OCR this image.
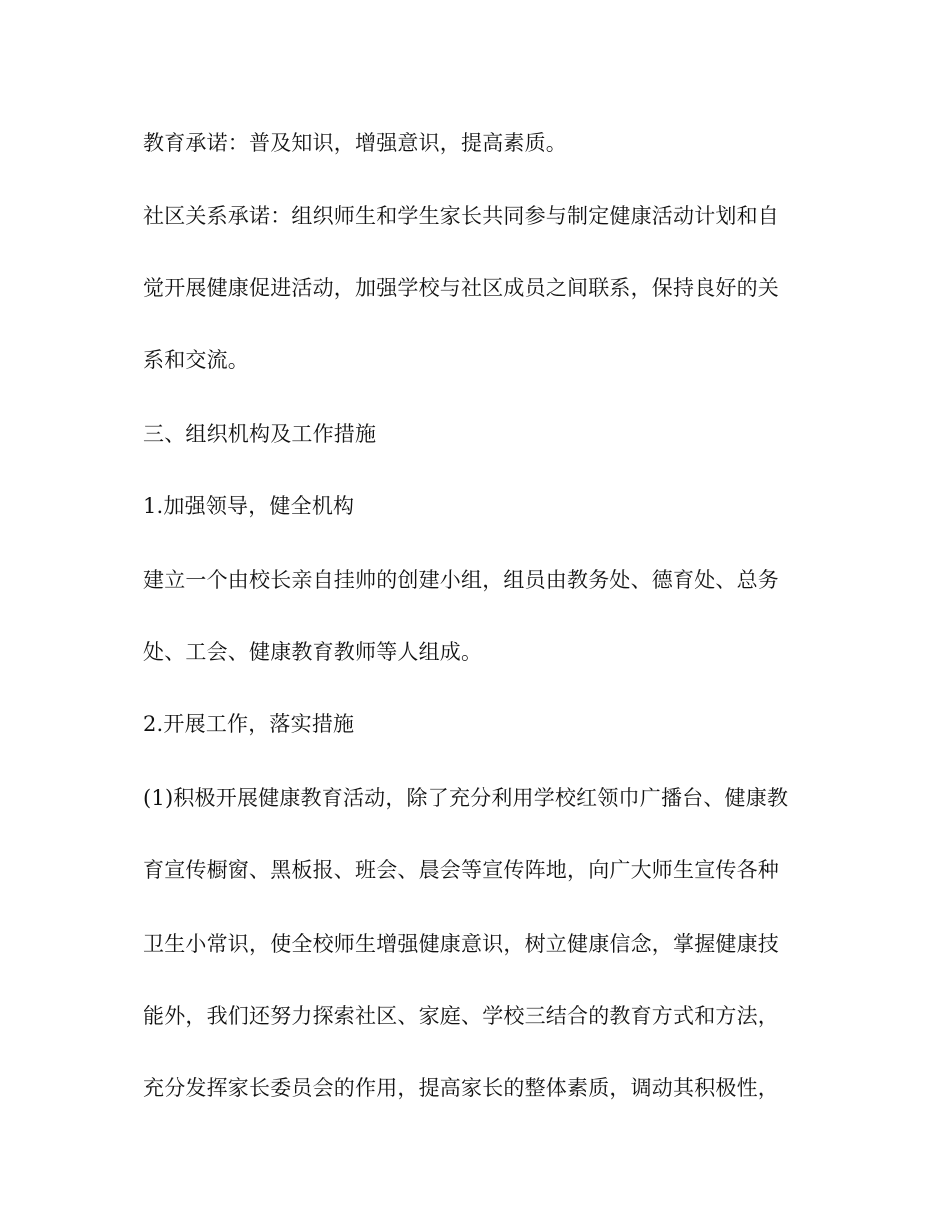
教育承诺：普及知识，增强意识，提高素质。
社区关系承诺：组织师生和学生家长共同参与制定健康活动计划和自
觉开展健康促进活动，加强学校与社区成员之间联系，保持良好的关
系和交流。
三、组织机构及工作措施
1.加强领导，健全机构
建立一个由校长亲自挂帅的创建小组，组员由教务处、德育处、总务
处、工会、健康教育教师等人组成。
2.开展工作，落实措施
(1)积极开展健康教育活动，除了充分利用学校红领巾广播台、健康教
育宣传橱窗、黑板报、班会、晨会等宣传阵地，向广大师生宣传各种
卫生小常识，使全校师生增强健康意识，树立健康信念，掌握健康技
能外，我们还努力探索社区、家庭、学校三结合的教育方式和方法，
充分发挥家长委员会的作用，提高家长的整体素质，调动其积极性，
